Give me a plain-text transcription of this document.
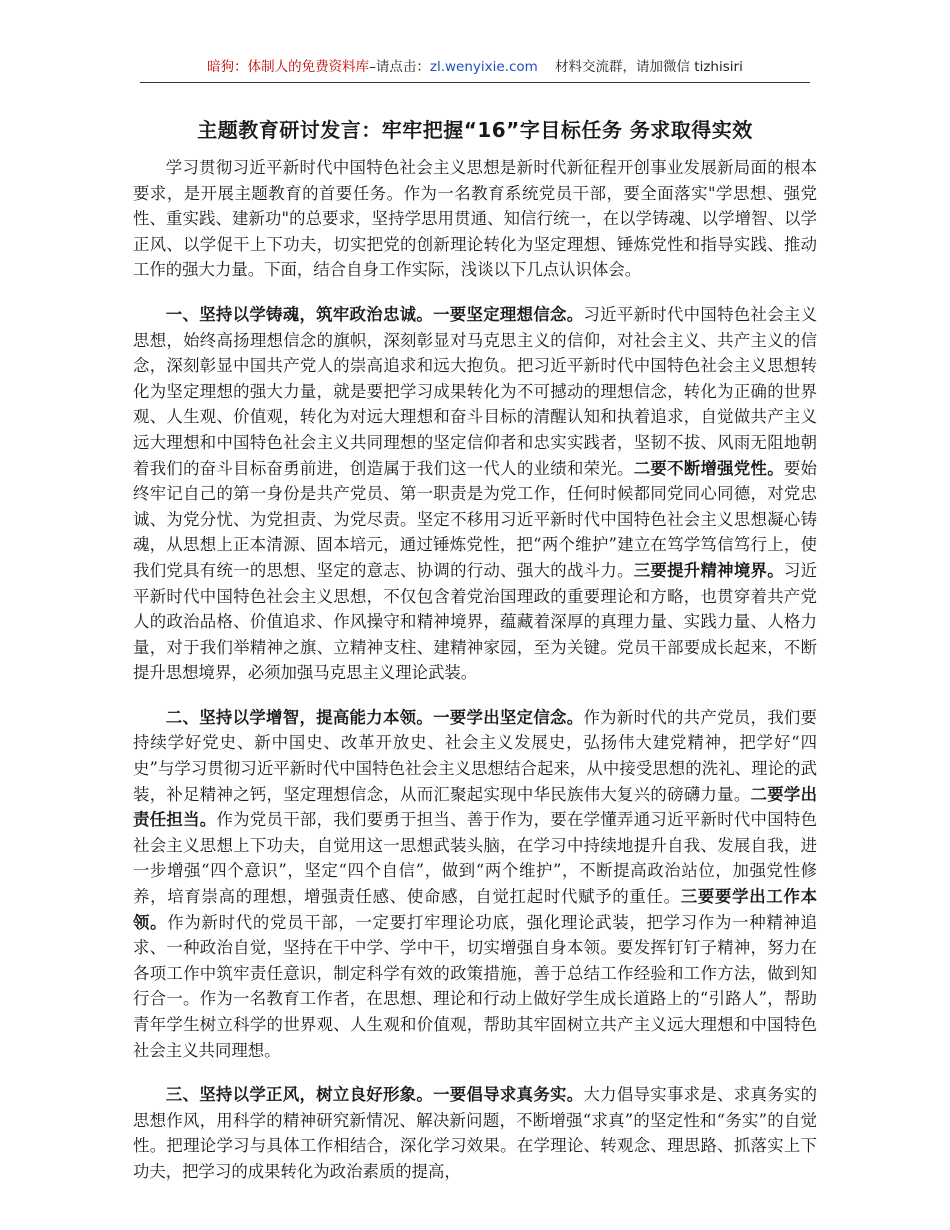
暗狗：体制人的免费资料库–请点击：zl.wenyixie.com 材料交流群，请加微信 tizhisiri
主题教育研讨发言：牢牢把握“16”字目标任务 务求取得实效

学习贯彻习近平新时代中国特色社会主义思想是新时代新征程开创事业发展新局面的根本要求，是开展主题教育的首要任务。作为一名教育系统党员干部，要全面落实"学思想、强党性、重实践、建新功"的总要求，坚持学思用贯通、知信行统一，在以学铸魂、以学增智、以学正风、以学促干上下功夫，切实把党的创新理论转化为坚定理想、锤炼党性和指导实践、推动工作的强大力量。下面，结合自身工作实际，浅谈以下几点认识体会。

一、坚持以学铸魂，筑牢政治忠诚。一要坚定理想信念。习近平新时代中国特色社会主义思想，始终高扬理想信念的旗帜，深刻彰显对马克思主义的信仰，对社会主义、共产主义的信念，深刻彰显中国共产党人的崇高追求和远大抱负。把习近平新时代中国特色社会主义思想转化为坚定理想的强大力量，就是要把学习成果转化为不可撼动的理想信念，转化为正确的世界观、人生观、价值观，转化为对远大理想和奋斗目标的清醒认知和执着追求，自觉做共产主义远大理想和中国特色社会主义共同理想的坚定信仰者和忠实实践者，坚韧不拔、风雨无阻地朝着我们的奋斗目标奋勇前进，创造属于我们这一代人的业绩和荣光。二要不断增强党性。要始终牢记自己的第一身份是共产党员、第一职责是为党工作，任何时候都同党同心同德，对党忠诚、为党分忧、为党担责、为党尽责。坚定不移用习近平新时代中国特色社会主义思想凝心铸魂，从思想上正本清源、固本培元，通过锤炼党性，把“两个维护”建立在笃学笃信笃行上，使我们党具有统一的思想、坚定的意志、协调的行动、强大的战斗力。三要提升精神境界。习近平新时代中国特色社会主义思想，不仅包含着党治国理政的重要理论和方略，也贯穿着共产党人的政治品格、价值追求、作风操守和精神境界，蕴藏着深厚的真理力量、实践力量、人格力量，对于我们举精神之旗、立精神支柱、建精神家园，至为关键。党员干部要成长起来，不断提升思想境界，必须加强马克思主义理论武装。

二、坚持以学增智，提高能力本领。一要学出坚定信念。作为新时代的共产党员，我们要持续学好党史、新中国史、改革开放史、社会主义发展史，弘扬伟大建党精神，把学好“四史”与学习贯彻习近平新时代中国特色社会主义思想结合起来，从中接受思想的洗礼、理论的武装，补足精神之钙，坚定理想信念，从而汇聚起实现中华民族伟大复兴的磅礴力量。二要学出责任担当。作为党员干部，我们要勇于担当、善于作为，要在学懂弄通习近平新时代中国特色社会主义思想上下功夫，自觉用这一思想武装头脑，在学习中持续地提升自我、发展自我，进一步增强“四个意识”，坚定“四个自信”，做到“两个维护”，不断提高政治站位，加强党性修养，培育崇高的理想，增强责任感、使命感，自觉扛起时代赋予的重任。三要要学出工作本领。作为新时代的党员干部，一定要打牢理论功底，强化理论武装，把学习作为一种精神追求、一种政治自觉，坚持在干中学、学中干，切实增强自身本领。要发挥钉钉子精神，努力在各项工作中筑牢责任意识，制定科学有效的政策措施，善于总结工作经验和工作方法，做到知行合一。作为一名教育工作者，在思想、理论和行动上做好学生成长道路上的“引路人”，帮助青年学生树立科学的世界观、人生观和价值观，帮助其牢固树立共产主义远大理想和中国特色社会主义共同理想。

三、坚持以学正风，树立良好形象。一要倡导求真务实。大力倡导实事求是、求真务实的思想作风，用科学的精神研究新情况、解决新问题，不断增强“求真”的坚定性和“务实”的自觉性。把理论学习与具体工作相结合，深化学习效果。在学理论、转观念、理思路、抓落实上下功夫，把学习的成果转化为政治素质的提高，
